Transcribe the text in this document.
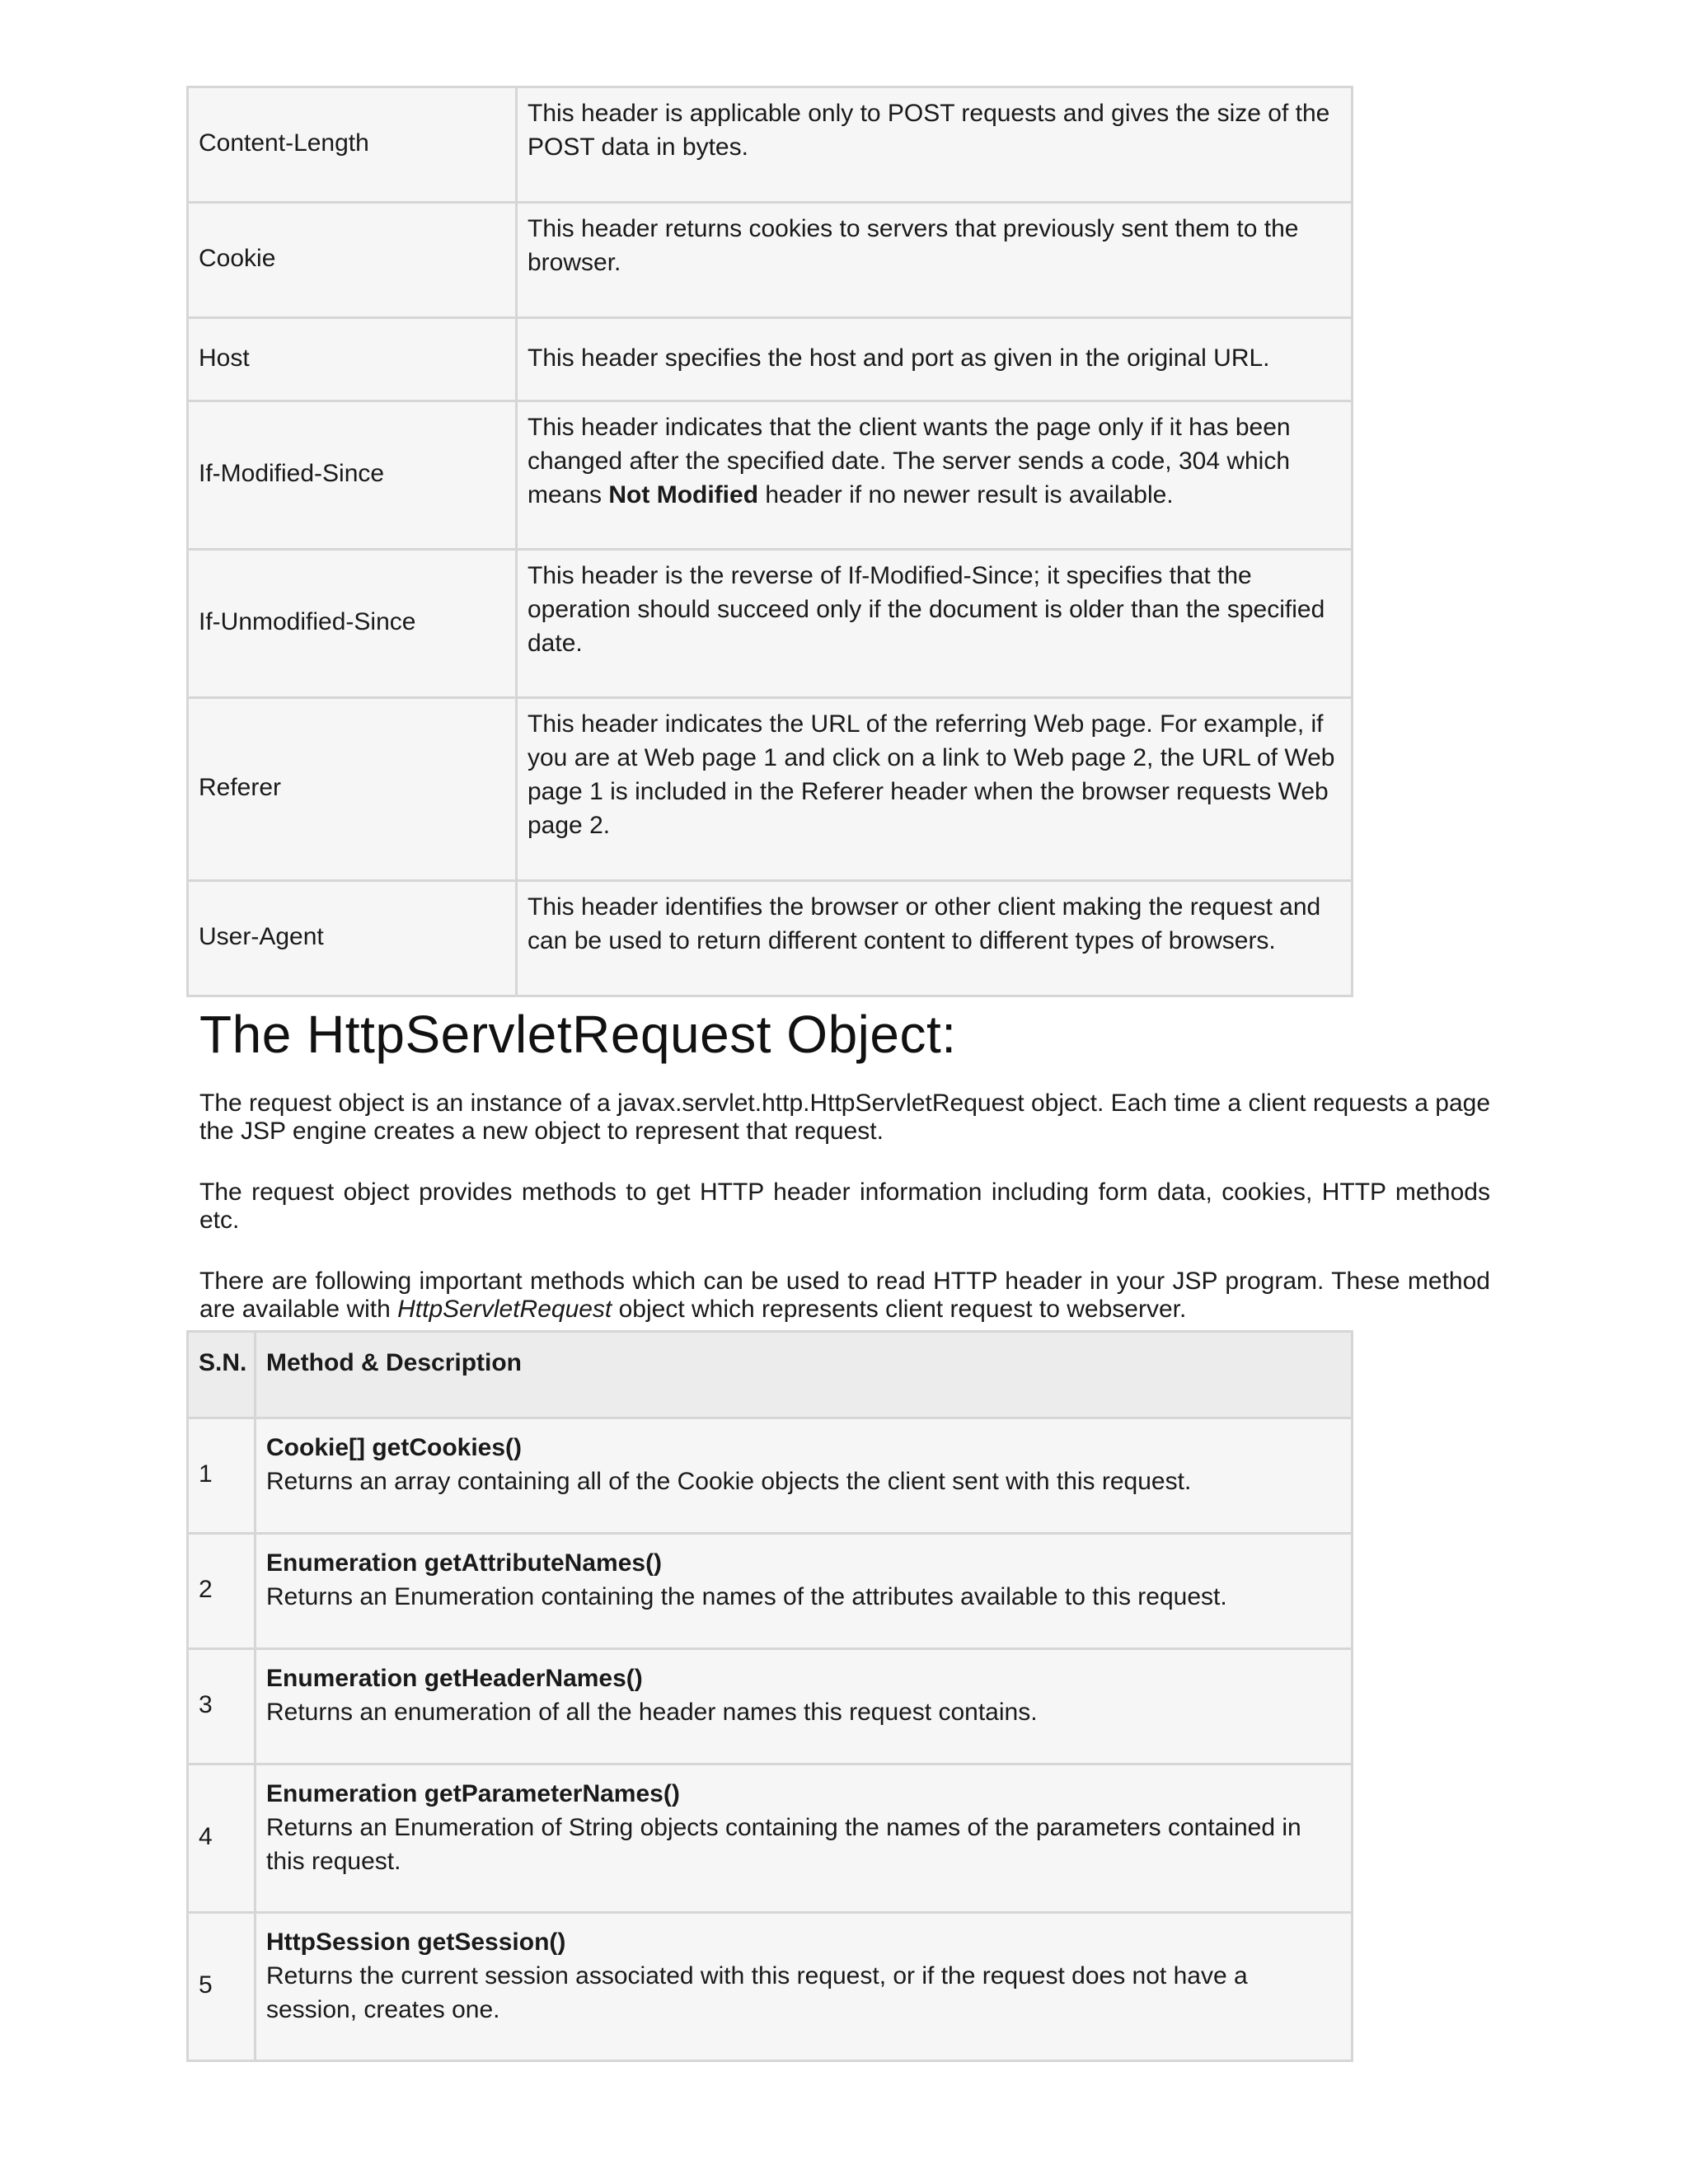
Content-Length	This header is applicable only to POST requests and gives the size of the POST data in bytes.
Cookie	This header returns cookies to servers that previously sent them to the browser.
Host	This header specifies the host and port as given in the original URL.
If-Modified-Since	This header indicates that the client wants the page only if it has been changed after the specified date. The server sends a code, 304 which means Not Modified header if no newer result is available.
If-Unmodified-Since	This header is the reverse of If-Modified-Since; it specifies that the operation should succeed only if the document is older than the specified date.
Referer	This header indicates the URL of the referring Web page. For example, if you are at Web page 1 and click on a link to Web page 2, the URL of Web page 1 is included in the Referer header when the browser requests Web page 2.
User-Agent	This header identifies the browser or other client making the request and can be used to return different content to different types of browsers.
The HttpServletRequest Object:

The request object is an instance of a javax.servlet.http.HttpServletRequest object. Each time a client requests a page the JSP engine creates a new object to represent that request.

The request object provides methods to get HTTP header information including form data, cookies, HTTP methods etc.

There are following important methods which can be used to read HTTP header in your JSP program. These method are available with HttpServletRequest object which represents client request to webserver.

S.N.	Method & Description
1	Cookie[] getCookies()
Returns an array containing all of the Cookie objects the client sent with this request.

2	Enumeration getAttributeNames()
Returns an Enumeration containing the names of the attributes available to this request.

3	Enumeration getHeaderNames()
Returns an enumeration of all the header names this request contains.

4	Enumeration getParameterNames()
Returns an Enumeration of String objects containing the names of the parameters contained in this request.

5	HttpSession getSession()
Returns the current session associated with this request, or if the request does not have a session, creates one.
